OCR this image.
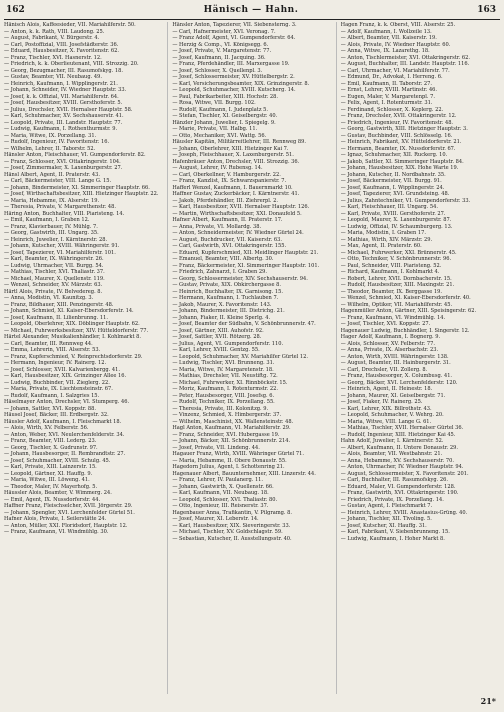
162	Hänisch — Hahn.	163

Hänisch Alois, Kaffeesieder, VII. Mariahilferstr. 50.

— Anton, k. k. Rath, VIII. Laudong. 25.

— August, Fabrikant, V. Bürgerstr. 4.

— Carl, Postoffizial, VIII. Josefstädterstr. 36.

— Eduard, Hausbesitzer, X. Favoritenstr. 62.

— Franz, Tischler, XVI. Hasnerstr. 12.

— Friedrich, k. k. Oberlieutenant, VIII. Strozzig. 20.

— Georg, Bezugmacher, III. Rasumofskyg. 18.

— Gustav, Beamter, VII. Neubaug. 49.

— Heinrich, Kaufmann, I. Wipplingerstr. 21.

— Johann, Schneider, IV. Wiedner Hauptstr. 33.

— Josef, k. k. Offizial, VII. Mariahilferstr. 64.

— Josef, Hausbesitzer, XVIII. Gersthoferstr. 5.

— Julius, Drechsler, XVII. Hernalser Hauptstr. 58.

— Karl, Schuhmacher, XV. Sechshauserstr. 41.

— Leopold, Private, III. Landstr. Hauptstr. 77.

— Ludwig, Kaufmann, I. Rothenthurmstr. 9.

— Maria, Witwe, IX. Porzellang. 31.

— Rudolf, Ingenieur, IV. Favoritenstr. 16.

— Wilhelm, Lehrer, II. Taborstr. 52.

Hänsler Anton, Fleischhauer, VI. Gumpendorferstr. 82.

— Franz, Schlosser, XVI. Ottakringerstr. 104.

— Josef, Zimmermaler, X. Laxenburgerstr. 27.

Hänsl Albert, Agent, II. Praterstr. 43.

— Carl, Bäckermeister, VIII. Lange G. 15.

— Johann, Bindermeister, XI. Simmeringer Hauptstr. 66.

— Josef, Wirthschaftsbesitzer, XIII. Hietzinger Hauptstr. 22.

— Maria, Hebamme, IX. Alserstr. 19.

— Theresia, Private, V. Margarethenstr. 48.

Häring Anton, Buchhalter, VIII. Piaristeng. 14.

— Emil, Kaufmann, I. Graben 12.

— Franz, Klavierbauer, IV. Mühlg. 7.

— Georg, Gastwirth, III. Ungarg. 35.

— Heinrich, Juwelier, I. Kärntnerstr. 28.

— Johann, Kutscher, XVIII. Währingerstr. 91.

— Josef, Tapezierer, VI. Mariahilferstr. 101.

— Karl, Beamter, IX. Währingerstr. 26.

— Ludwig, Uhrmacher, VII. Burgg. 54.

— Mathias, Tischler, XVI. Thaliastr. 37.

— Michael, Maurer, X. Quellenstr. 119.

— Wenzel, Schneider, XV. Märzstr. 63.

Härtl Alois, Private, IV. Belvedereg. 8.

— Anna, Modistin, VI. Kaunitzg. 3.

— Franz, Bildhauer, XIII. Penzingerstr. 48.

— Johann, Schmied, XI. Kaiser-Ebersdorferstr. 14.

— Josef, Kaufmann, II. Lilienbrunng. 11.

— Leopold, Oberlehrer, XIX. Döblinger Hauptstr. 62.

— Michael, Fuhrwerksbesitzer, XIV. Hütteldorferstr. 77.

Härtel Alexander, Musikalienhändler, I. Kohlmarkt 8.

— Carl, Beamter, III. Rennweg 44.

— Emma, Lehrerin, VIII. Alserstr. 53.

— Franz, Kupferschmied, V. Reinprechtsdorferstr. 29.

— Hermann, Ingenieur, IV. Rainerg. 12.

— Josef, Schlosser, XVII. Kalvarienbergg. 41.

— Karl, Hausbesitzer, XIX. Grinzinger Allee 16.

— Ludwig, Buchbinder, VII. Zieglerg. 22.

— Maria, Private, IX. Liechtensteinstr. 67.

— Rudolf, Kaufmann, I. Salzgries 15.

Häselmayer Anton, Drechsler, VI. Stumperg. 46.

— Johann, Sattler, XVI. Koppstr. 88.

Häusel Josef, Bäcker, III. Erdbergstr. 32.

Häusler Adolf, Kaufmann, I. Fleischmarkt 18.

— Alois, Wirth, XV. Felberstr. 56.

— Anton, Weber, XVI. Neulerchenfelderstr. 34.

— Franz, Beamter, VIII. Lederg. 23.

— Georg, Tischler, X. Gudrunstr. 97.

— Johann, Hausbesorger, II. Rembrandtstr. 27.

— Josef, Schuhmacher, XVIII. Schulg. 45.

— Karl, Private, XIII. Lainzerstr. 15.

— Leopold, Gärtner, XI. Hauffg. 9.

— Maria, Witwe, III. Löweng. 41.

— Theodor, Maler, IV. Mayerhofg. 5.

Häussler Alois, Beamter, V. Wimmerg. 24.

— Emil, Agent, IX. Nussdorferstr. 44.

Haffner Franz, Fleischselcher, XVII. Jörgerstr. 29.

— Johann, Spengler, XVI. Lerchenfelder Gürtel 51.

Hafner Alois, Private, I. Seilerstätte 24.

— Anton, Müller, XXI. Floridsdorf, Hauptstr. 12.

— Franz, Kaufmann, VI. Windmühlg. 30.

Hänsler Anton, Tapezierer, VII. Siebensterng. 3.

— Carl, Hafnermeister, XVI. Veronag. 7.

— Franz Adolf, Agent, VI. Gumpendorferstr. 64.

— Herzig & Comp., VI. Königsegg. 6.

— Josef, Private, V. Margaretenstr. 77.

— Josef, Kaufmann, II. Jacquing. 36.

— Franz, Pferdehändler, III. Marxergasse 19.

— Josef, Schlosser, X. Quellenpl. 3.

— Josef, Schlossermeister, XV. Hüttelbergstr. 2.

— Karl, Versicherungsbeamter, XIX. Grinzingerstr. 8.

— Leopold, Schuhmacher, XVIII. Kutscherg. 14.

— Paul, Fabrikarbeiter, XIII. Hochstr. 28.

— Rosa, Witwe, VII. Burgg. 102.

— Rudolf, Kaufmann, I. Judenplatz 5.

— Stefan, Tischler, XI. Geiselbergstr. 40.

Hänzler Johann, Juwelier, I. Spiegelg. 9.

— Marie, Private, VII. Halbg. 11.

— Otto, Mechaniker, XVI. Wattg. 56.

Häusler Kapitän, Militärreitlehrer, III. Rennweg 89.

— Johann, Oberlehrer, XIII. Hietzinger Kai 7.

— Joseph, Fleischhauer, X. Laxenburgerstr. 51.

Hafenbräuer Anton, Drechsler, VIII. Strozzig. 36.

— August, Lehrer, IV. Rubensg. 14.

— Carl, Oberkellner, V. Hamburgerstr. 22.

— Franz, Kanzlist, IX. Schwarzspanierstr. 7.

Hafferl Wenzel, Kaufmann, I. Bauernmarkt 10.

Haffner Gustav, Zuckerbäcker, I. Kärntnerstr. 41.

— Jakob, Pferdehändler, III. Ziehrerpl. 2.

— Karl, Hausbesitzer, XVII. Hernalser Hauptstr. 126.

— Martin, Wirthschaftsbesitzer, XXI. Donaufeld 5.

Hafner Albert, Kaufmann, II. Praterstr. 17.

— Anna, Private, VI. Mollardg. 38.

— Anton, Schneidermeister, IV. Wiedner Gürtel 24.

— August, Buchdrucker, VII. Kaiserstr. 63.

— Carl, Gastwirth, XVI. Ottakringerstr. 155.

— Eduard, Kupferschmied, XII. Meidlinger Hauptstr. 21.

— Emanuel, Beamter, VIII. Albertg. 30.

— Franz, Bäckermeister, XI. Simmeringer Hauptstr. 101.

— Friedrich, Zahnarzt, I. Graben 29.

— Georg, Schlossermeister, XIV. Sechshauserstr. 94.

— Gustav, Private, XIX. Obkirchergasse 8.

— Heinrich, Buchhalter, IX. Garnisong. 15.

— Hermann, Kaufmann, I. Tuchlauben 7.

— Jakob, Maurer, X. Favoritenstr. 143.

— Johann, Bindermeister, III. Dietrichg. 21.

— Johann, Fiaker, II. Kleine Sperlg. 4.

— Josef, Beamter der Südbahn, V. Schönbrunnerstr. 47.

— Josef, Gärtner, XIII. Auhofstr. 92.

— Josef, Sattler, XVII. Rötzerg. 28.

— Julius, Agent, VI. Gumpendorferstr. 110.

— Karl, Lehrer, XVIII. Gentzg. 55.

— Leopold, Schuhmacher, XV. Mariahilfer Gürtel 12.

— Ludwig, Tischler, XVI. Brunneng. 31.

— Maria, Witwe, IV. Margaretenstr. 18.

— Mathias, Drechsler, VII. Neustiftg. 72.

— Michael, Fuhrwerker, XI. Rinnböckstr. 15.

— Moriz, Kaufmann, I. Rotenturmstr. 22.

— Peter, Hausbesorger, VIII. Josefsg. 6.

— Rudolf, Techniker, IX. Porzellang. 55.

— Theresia, Private, III. Kolonitzg. 9.

— Vinzenz, Schmied, X. Himbergerstr. 37.

— Wilhelm, Maschinist, XX. Wallensteinstr. 48.

Hagl Anton, Kaufmann, VI. Mariahilferstr. 29.

— Franz, Schneider, XVI. Hubergasse 19.

— Johann, Bäcker, XII. Schönbrunnerstr. 214.

— Josef, Private, VII. Lindeng. 44.

Hagauer Franz, Wirth, XVIII. Währinger Gürtel 71.

— Maria, Hebamme, II. Obere Donaustr. 55.

Hagedorn Julius, Agent, I. Schottenring 21.

Hagenauer Albert, Bauunternehmer, XIII. Linzerstr. 44.

— Franz, Lehrer, IV. Paulanerg. 11.

— Johann, Gastwirth, X. Quellenstr. 66.

— Karl, Kaufmann, VII. Neubaug. 18.

— Leopold, Schlosser, XVI. Thaliastr. 80.

— Otto, Ingenieur, III. Reisnerstr. 37.

Hagenbauer Anna, Trafikantin, V. Pilgramg. 8.

— Josef, Maurer, XI. Leberstr. 14.

— Karl, Hausbesitzer, XIX. Sieveringerstr. 33.

— Michael, Tischler, XV. Goldschlagstr. 59.

— Sebastian, Kutscher, II. Ausstellungsstr. 40.

Hagen Franz, k. k. Oberst, VIII. Alserstr. 25.

— Adolf, Kaufmann, I. Wollzeile 13.

— Albert, Beamter, VII. Kaiserstr. 19.

— Alois, Private, IV. Wiedner Hauptstr. 60.

— Anna, Witwe, IX. Lazarethg. 18.

— Anton, Tischlermeister, XVI. Ottakringerstr. 62.

— August, Buchhalter, III. Landstr. Hauptstr. 116.

— Carl, Uhrmacher, VI. Mariahilferstr. 77.

— Edmund, Dr., Advokat, I. Herreng. 6.

— Emil, Kaufmann, II. Taborstr. 27.

— Ernst, Lehrer, XVIII. Martinstr. 46.

— Eugen, Maler, V. Margaretenpl. 7.

— Felix, Agent, I. Rotenturmstr. 31.

— Ferdinand, Schlosser, X. Keplerg. 22.

— Franz, Drechsler, XVII. Ottakringerstr. 12.

— Friedrich, Ingenieur, IV. Favoritenstr. 48.

— Georg, Gastwirth, XIII. Hietzinger Hauptstr. 3.

— Gustav, Buchbinder, VIII. Schlösselg. 16.

— Heinrich, Fabrikant, XV. Hütteldorferstr. 21.

— Hermann, Beamter, IX. Nussdorferstr. 67.

— Ignaz, Schuhmacher, XII. Ruckerg. 10.

— Jakob, Sattler, XI. Simmeringer Hauptstr. 84.

— Johann, Hausbesitzer, XIX. Hohe Warte 19.

— Johann, Kutscher, II. Nordbahnstr. 35.

— Josef, Bäckermeister, VII. Burgg. 91.

— Josef, Kaufmann, I. Wipplingerstr. 24.

— Josef, Tapezierer, XVI. Grundsteing. 48.

— Julius, Zahntechniker, VI. Gumpendorferstr. 33.

— Karl, Fleischhauer, III. Ungarg. 54.

— Karl, Private, XVIII. Gersthoferstr. 27.

— Leopold, Maurer, X. Laxenburgerstr. 87.

— Ludwig, Offizial, IV. Schaumburgerg. 13.

— Maria, Modistin, I. Graben 17.

— Mathias, Wirth, XIV. Märzstr. 29.

— Max, Agent, II. Praterstr. 60.

— Michael, Fuhrwerker, XXI. Brünnerstr. 45.

— Otto, Techniker, V. Schönbrunnerstr. 96.

— Paul, Schneider, VIII. Piaristeng. 52.

— Richard, Kaufmann, I. Kohlmarkt 4.

— Robert, Lehrer, XVII. Dornbacherstr. 15.

— Rudolf, Hausbesitzer, XIII. Maxingstr. 21.

— Theodor, Beamter, IX. Berggasse 19.

— Wenzel, Schmied, XI. Kaiser-Ebersdorferstr. 40.

— Wilhelm, Optiker, VII. Mariahilferstr. 45.

Hagenmüller Anton, Gärtner, XIII. Speisingerstr. 62.

— Franz, Kaufmann, VI. Windmühlg. 14.

— Josef, Tischler, XVI. Koppstr. 27.

Hagenauer Ludwig, Buchhändler, I. Singerstr. 12.

Hager Adolf, Kaufmann, I. Bognerg. 9.

— Alois, Schlosser, XV. Felberstr. 77.

— Anna, Private, IX. Alserbachstr. 23.

— Anton, Wirth, XVIII. Währingerstr. 138.

— August, Beamter, III. Hainburgerstr. 31.

— Carl, Drechsler, VII. Zollerg. 8.

— Franz, Hausbesorger, X. Columbusg. 41.

— Georg, Bäcker, XVI. Lerchenfelderstr. 120.

— Heinrich, Agent, II. Heinestr. 18.

— Johann, Maurer, XI. Geiselbergstr. 71.

— Josef, Fiaker, IV. Rainerg. 25.

— Karl, Lehrer, XIX. Billrothstr. 43.

— Leopold, Schuhmacher, V. Wehrg. 20.

— Maria, Witwe, VIII. Lange G. 61.

— Mathias, Tischler, XVII. Hernalser Gürtel 36.

— Rudolf, Ingenieur, XIII. Hietzinger Kai 45.

Hahn Adolf, Juwelier, I. Kärntnerstr. 52.

— Albert, Kaufmann, II. Untere Donaustr. 29.

— Alois, Beamter, VII. Westbahnstr. 21.

— Anna, Hebamme, XV. Sechshauserstr. 70.

— Anton, Uhrmacher, IV. Wiedner Hauptstr. 94.

— August, Schlossermeister, X. Favoritenstr. 201.

— Carl, Buchhalter, III. Rasumofskyg. 26.

— Eduard, Maler, VI. Gumpendorferstr. 128.

— Franz, Gastwirth, XVI. Ottakringerstr. 190.

— Friedrich, Private, IX. Porzellang. 14.

— Gustav, Agent, I. Fleischmarkt 7.

— Heinrich, Lehrer, XVIII. Anastasius-Grüng. 40.

— Johann, Tischler, XII. Tivoling. 5.

— Josef, Kutscher, XI. Hauffg. 31.

— Karl, Fabrikant, V. Siebenbrunneng. 15.

— Ludwig, Kaufmann, I. Hoher Markt 8.

21*
